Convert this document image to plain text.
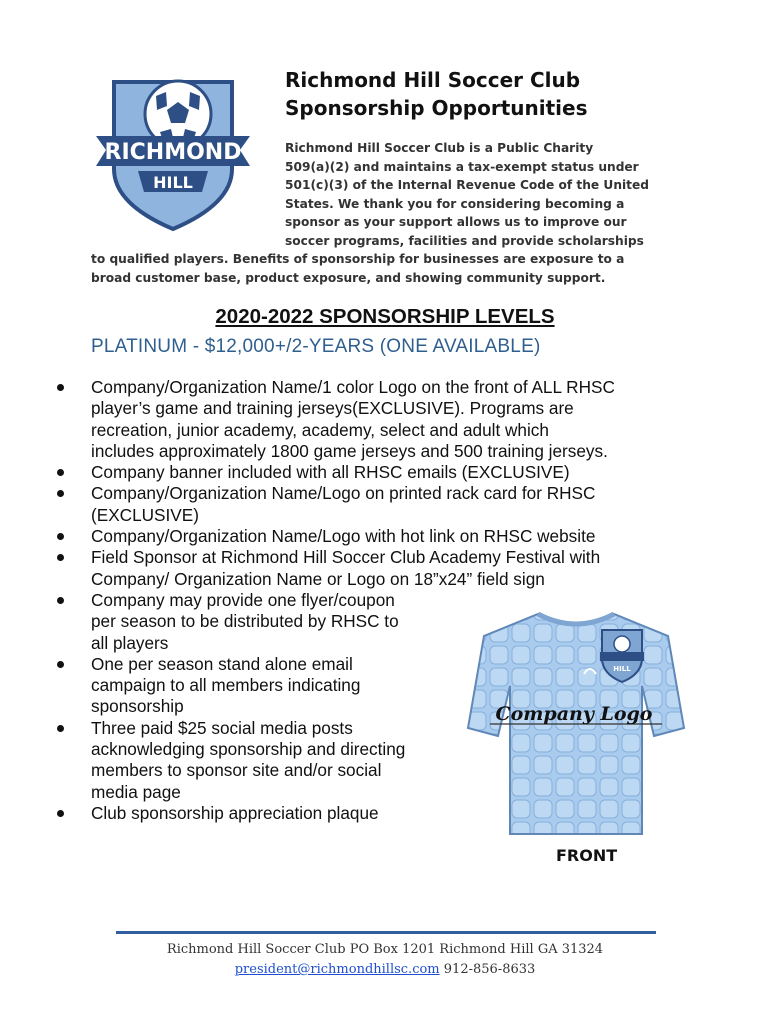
RICHMOND
HILL
Richmond Hill Soccer Club
Sponsorship Opportunities
Richmond Hill Soccer Club is a Public Charity
509(a)(2) and maintains a tax-exempt status under
501(c)(3) of the Internal Revenue Code of the United
States. We thank you for considering becoming a
sponsor as your support allows us to improve our
soccer programs, facilities and provide scholarships
to qualified players. Benefits of sponsorship for businesses are exposure to a
broad customer base, product exposure, and showing community support.
2020-2022 SPONSORSHIP LEVELS
PLATINUM - $12,000+/2-YEARS (ONE AVAILABLE)
Company/Organization Name/1 color Logo on the front of ALL RHSC
player’s game and training jerseys(EXCLUSIVE). Programs are
recreation, junior academy, academy, select and adult which
includes approximately 1800 game jerseys and 500 training jerseys.
Company banner included with all RHSC emails (EXCLUSIVE)
Company/Organization Name/Logo on printed rack card for RHSC
(EXCLUSIVE)
Company/Organization Name/Logo with hot link on RHSC website
Field Sponsor at Richmond Hill Soccer Club Academy Festival with
Company/ Organization Name or Logo on 18”x24” field sign
Company may provide one flyer/coupon
per season to be distributed by RHSC to
all players
One per season stand alone email
campaign to all members indicating
sponsorship
Three paid $25 social media posts
acknowledging sponsorship and directing
members to sponsor site and/or social
media page
Club sponsorship appreciation plaque
HILL
Company Logo
FRONT
Richmond Hill Soccer Club PO Box 1201 Richmond Hill GA 31324
president@richmondhillsc.com 912-856-8633
